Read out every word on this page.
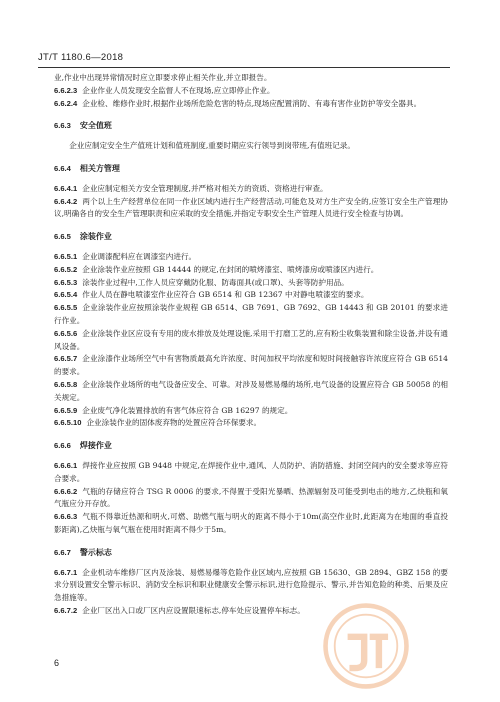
JT/T 1180.6—2018

业,作业中出现异常情况时应立即要求停止相关作业,并立即报告。

6.6.2.3 企业作业人员发现安全监督人不在现场,应立即停止作业。

6.6.2.4 企业检、维修作业时,根据作业场所危险危害的特点,现场应配置消防、有毒有害作业防护等安全器具。

6.6.3 安全值班

企业应制定安全生产值班计划和值班制度,重要时期应实行领导到岗带班,有值班记录。

6.6.4 相关方管理

6.6.4.1 企业应制定相关方安全管理制度,并严格对相关方的资质、资格进行审查。

6.6.4.2 两个以上生产经营单位在同一作业区域内进行生产经营活动,可能危及对方生产安全的,应签订安全生产管理协议,明确各自的安全生产管理职责和应采取的安全措施,并指定专职安全生产管理人员进行安全检查与协调。

6.6.5 涂装作业

6.6.5.1 企业调漆配料应在调漆室内进行。

6.6.5.2 企业涂装作业应按照 GB 14444 的规定,在封闭的喷烤漆室、喷烤漆房或喷漆区内进行。

6.6.5.3 涂装作业过程中,工作人员应穿戴防化服、防毒面具(或口罩)、头套等防护用品。

6.6.5.4 作业人员在静电喷漆室作业应符合 GB 6514 和 GB 12367 中对静电喷漆室的要求。

6.6.5.5 企业涂装作业应按照涂装作业规程 GB 6514、GB 7691、GB 7692、GB 14443 和 GB 20101 的要求进行作业。

6.6.5.6 企业涂装作业区应设有专用的废水排放及处理设施,采用干打磨工艺的,应有粉尘收集装置和除尘设备,并设有通风设备。

6.6.5.7 企业涂漆作业场所空气中有害物质最高允许浓度、时间加权平均浓度和短时间接触容许浓度应符合 GB 6514 的要求。

6.6.5.8 企业涂装作业场所的电气设备应安全、可靠。对涉及易燃易爆的场所,电气设备的设置应符合 GB 50058 的相关规定。

6.6.5.9 企业废气净化装置排放的有害气体应符合 GB 16297 的规定。

6.6.5.10 企业涂装作业的固体废弃物的处置应符合环保要求。

6.6.6 焊接作业

6.6.6.1 焊接作业应按照 GB 9448 中规定,在焊接作业中,通风、人员防护、消防措施、封闭空间内的安全要求等应符合要求。

6.6.6.2 气瓶的存储应符合 TSG R 0006 的要求,不得置于受阳光暴晒、热源辐射及可能受到电击的地方,乙炔瓶和氧气瓶应分开存放。

6.6.6.3 气瓶不得靠近热源和明火,可燃、助燃气瓶与明火的距离不得小于10m(高空作业时,此距离为在地面的垂直投影距离),乙炔瓶与氧气瓶在使用时距离不得少于5m。

6.6.7 警示标志

6.6.7.1 企业机动车维修厂区内及涂装、易燃易爆等危险作业区域内,应按照 GB 15630、GB 2894、GBZ 158 的要求分别设置安全警示标识、消防安全标识和职业健康安全警示标识,进行危险提示、警示,并告知危险的种类、后果及应急措施等。

6.6.7.2 企业厂区出入口或厂区内应设置限速标志,停车处应设置停车标志。

6
